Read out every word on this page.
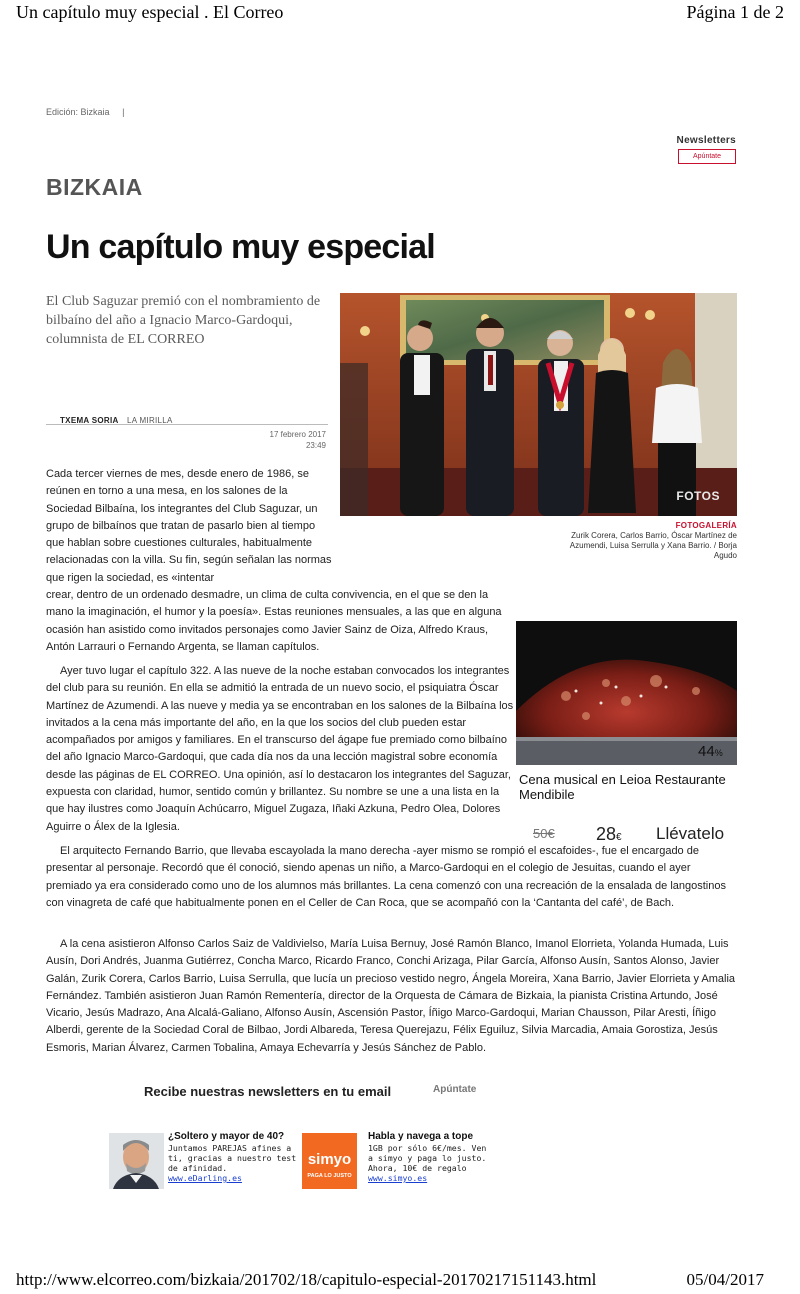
Un capítulo muy especial . El Correo	Página 1 de 2
Edición: Bizkaia |
Newsletters
Apúntate
BIZKAIA
Un capítulo muy especial
El Club Saguzar premió con el nombramiento de bilbaíno del año a Ignacio Marco-Gardoqui, columnista de EL CORREO
TXEMA SORIA LA MIRILLA
17 febrero 2017
23:49
FOTOS
FOTOGALERÍA
Zurik Corera, Carlos Barrio, Óscar Martínez de Azumendi, Luisa Serrulla y Xana Barrio. / Borja Agudo

Cada tercer viernes de mes, desde enero de 1986, se reúnen en torno a una mesa, en los salones de la Sociedad Bilbaína, los integrantes del Club Saguzar, un grupo de bilbaínos que tratan de pasarlo bien al tiempo que hablan sobre cuestiones culturales, habitualmente relacionadas con la villa. Su fin, según señalan las normas que rigen la sociedad, es «intentar

crear, dentro de un ordenado desmadre, un clima de culta convivencia, en el que se den la mano la imaginación, el humor y la poesía». Estas reuniones mensuales, a las que en alguna ocasión han asistido como invitados personajes como Javier Sainz de Oiza, Alfredo Kraus, Antón Larrauri o Fernando Argenta, se llaman capítulos.

Ayer tuvo lugar el capítulo 322. A las nueve de la noche estaban convocados los integrantes del club para su reunión. En ella se admitió la entrada de un nuevo socio, el psiquiatra Óscar Martínez de Azumendi. A las nueve y media ya se encontraban en los salones de la Bilbaína los invitados a la cena más importante del año, en la que los socios del club pueden estar acompañados por amigos y familiares. En el transcurso del ágape fue premiado como bilbaíno del año Ignacio Marco-Gardoqui, que cada día nos da una lección magistral sobre economía desde las páginas de EL CORREO. Una opinión, así lo destacaron los integrantes del Saguzar, expuesta con claridad, humor, sentido común y brillantez. Su nombre se une a una lista en la que hay ilustres como Joaquín Achúcarro, Miguel Zugaza, Iñaki Azkuna, Pedro Olea, Dolores Aguirre o Álex de la Iglesia.

El arquitecto Fernando Barrio, que llevaba escayolada la mano derecha -ayer mismo se rompió el escafoides-, fue el encargado de presentar al personaje. Recordó que él conoció, siendo apenas un niño, a Marco-Gardoqui en el colegio de Jesuitas, cuando el ayer premiado ya era considerado como uno de los alumnos más brillantes. La cena comenzó con una recreación de la ensalada de langostinos con vinagreta de café que habitualmente ponen en el Celler de Can Roca, que se acompañó con la ‘Cantanta del café’, de Bach.

A la cena asistieron Alfonso Carlos Saiz de Valdivielso, María Luisa Bernuy, José Ramón Blanco, Imanol Elorrieta, Yolanda Humada, Luis Ausín, Dori Andrés, Juanma Gutiérrez, Concha Marco, Ricardo Franco, Conchi Arizaga, Pilar García, Alfonso Ausín, Santos Alonso, Javier Galán, Zurik Corera, Carlos Barrio, Luisa Serrulla, que lucía un precioso vestido negro, Ángela Moreira, Xana Barrio, Javier Elorrieta y Amalia Fernández. También asistieron Juan Ramón Rementería, director de la Orquesta de Cámara de Bizkaia, la pianista Cristina Artundo, José Vicario, Jesús Madrazo, Ana Alcalá-Galiano, Alfonso Ausín, Ascensión Pastor, Íñigo Marco-Gardoqui, Marian Chausson, Pilar Aresti, Íñigo Alberdi, gerente de la Sociedad Coral de Bilbao, Jordi Albareda, Teresa Querejazu, Félix Eguiluz, Silvia Marcadia, Amaia Gorostiza, Jesús Esmoris, Marian Álvarez, Carmen Tobalina, Amaya Echevarría y Jesús Sánchez de Pablo.

44%
Cena musical en Leioa Restaurante Mendibile
50€ 28€ Llévatelo
Recibe nuestras newsletters en tu email	Apúntate
¿Soltero y mayor de 40?
Juntamos PAREJAS afines a ti, gracias a nuestro test de afinidad.
www.eDarling.es
simyo
PAGA LO JUSTO
Habla y navega a tope
1GB por sólo 6€/mes. Ven a simyo y paga lo justo. Ahora, 10€ de regalo
www.simyo.es
http://www.elcorreo.com/bizkaia/201702/18/capitulo-especial-20170217151143.html	05/04/2017
